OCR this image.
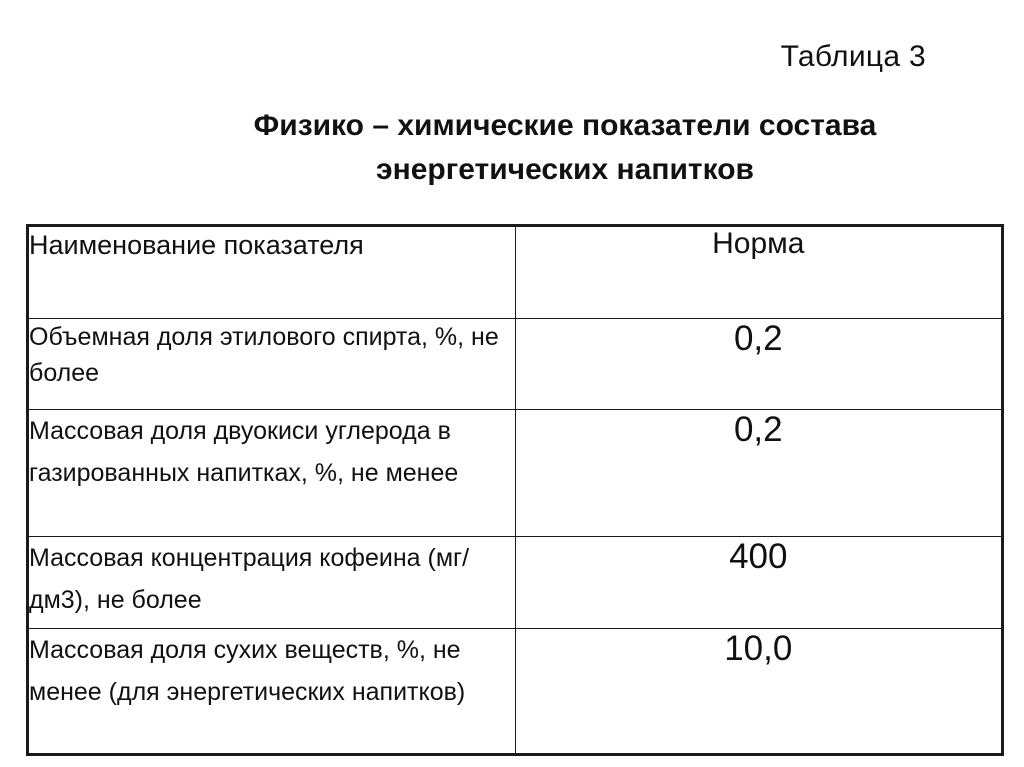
Таблица 3
Физико – химические показатели состава
энергетических напитков
Наименование показателя	Норма
Объемная доля этилового спирта, %, не более	0,2
Массовая доля двуокиси углерода в газированных напитках, %, не менее	0,2
Массовая концентрация кофеина (мг/дм3), не более	400
Массовая доля сухих веществ, %, не менее (для энергетических напитков)	10,0
